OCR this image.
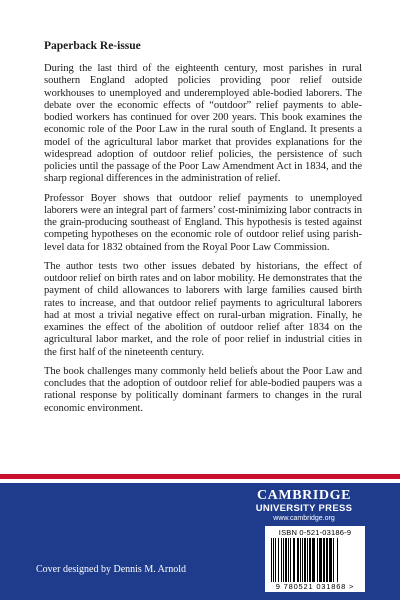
Paperback Re-issue

During the last third of the eighteenth century, most parishes in rural southern England adopted policies providing poor relief outside workhouses to unemployed and underemployed able-bodied laborers. The debate over the economic effects of “outdoor” relief payments to able-bodied workers has continued for over 200 years. This book examines the economic role of the Poor Law in the rural south of England. It presents a model of the agricultural labor market that provides explanations for the widespread adoption of outdoor relief policies, the persistence of such policies until the passage of the Poor Law Amendment Act in 1834, and the sharp regional differences in the administration of relief.

Professor Boyer shows that outdoor relief payments to unemployed laborers were an integral part of farmers’ cost-minimizing labor contracts in the grain-producing southeast of England. This hypothesis is tested against competing hypotheses on the economic role of outdoor relief using parish-level data for 1832 obtained from the Royal Poor Law Commission.

The author tests two other issues debated by historians, the effect of outdoor relief on birth rates and on labor mobility. He demonstrates that the payment of child allowances to laborers with large families caused birth rates to increase, and that outdoor relief payments to agricultural laborers had at most a trivial negative effect on rural-urban migration. Finally, he examines the effect of the abolition of outdoor relief after 1834 on the agricultural labor market, and the role of poor relief in industrial cities in the first half of the nineteenth century.

The book challenges many commonly held beliefs about the Poor Law and concludes that the adoption of outdoor relief for able-bodied paupers was a rational response by politically dominant farmers to changes in the rural economic environment.

CAMBRIDGE
UNIVERSITY PRESS
www.cambridge.org
ISBN 0-521-03186-9
9 780521 031868 >
Cover designed by Dennis M. Arnold
